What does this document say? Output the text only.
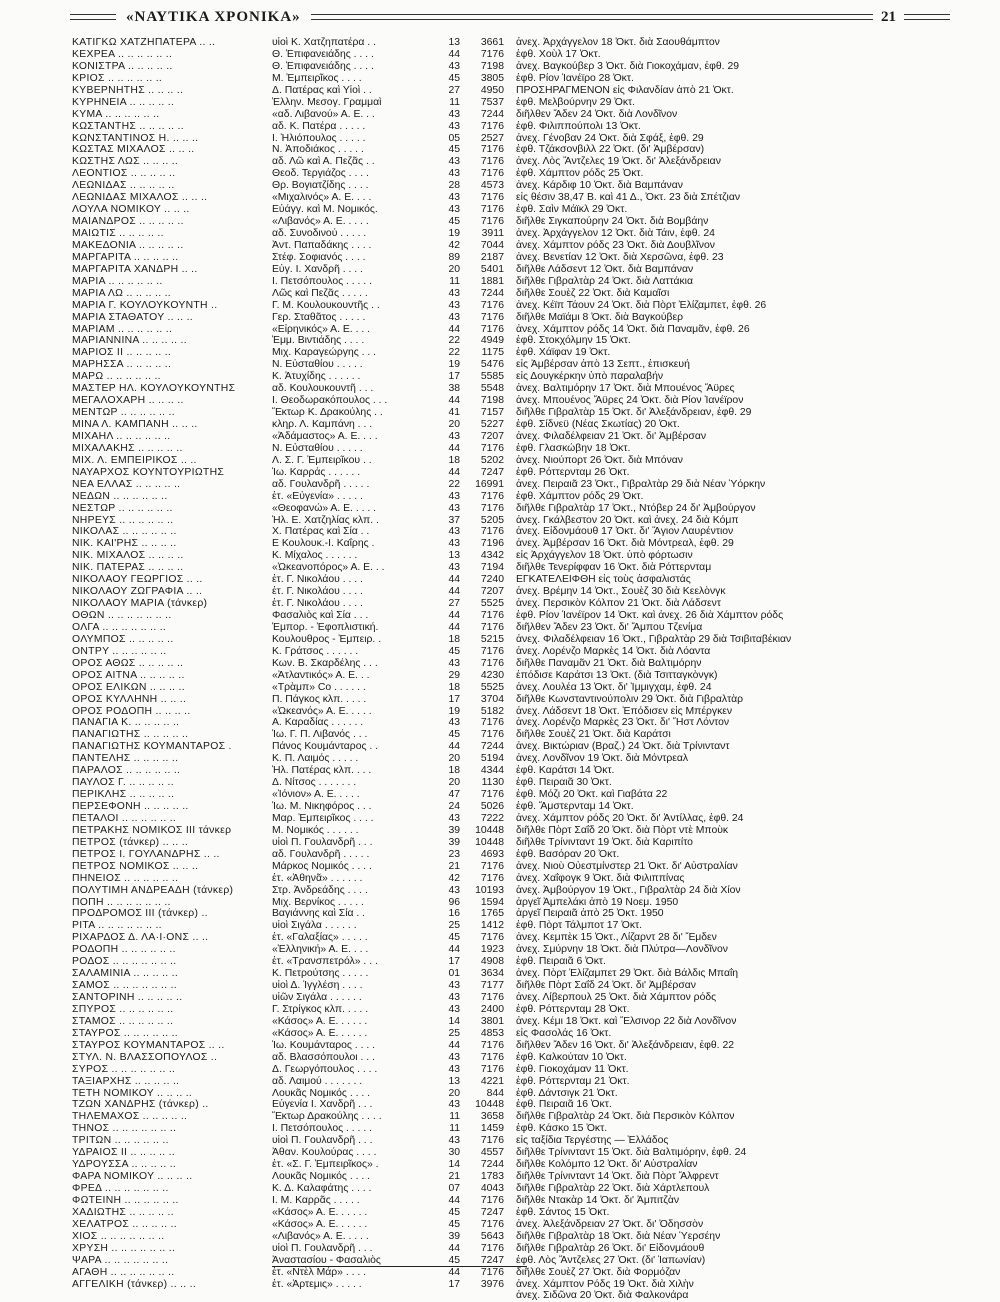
«ΝΑΥΤΙΚΑ ΧΡΟΝΙΚΑ»	21
ΚΑΤΙΓΚΩ ΧΑΤΖΗΠΑΤΕΡΑ .. ..	υἱοὶ Κ. Χατζηπατέρα . .	13	3661	ἀνεχ. Ἀρχάγγελον 18 Ὀκτ. διὰ Σαουθάμπτον
ΚΕΧΡΕΑ .. .. .. .. .. ..	Θ. Ἐπιφανειάδης . . . .	44	7176	ἐφθ. Χοὺλ 17 Ὀκτ.
ΚΟΝΙΣΤΡΑ .. .. .. .. ..	Θ. Ἐπιφανειάδης . . . .	43	7198	ἀνεχ. Βαγκούβερ 3 Ὀκτ. διὰ Γιοκοχάμαν, ἐφθ. 29
ΚΡΙΟΣ .. .. .. .. .. ..	Μ. Ἐμπειρῖκος . . . .	45	3805	ἐφθ. Ρίον Ἰανέϊρο 28 Ὀκτ.
ΚΥΒΕΡΝΗΤΗΣ .. .. .. ..	Δ. Πατέρας καὶ Υἱοὶ . .	27	4950	ΠΡΟΣΗΡΑΓΜΕΝΟΝ εἰς Φιλανδίαν ἀπὸ 21 Ὀκτ.
ΚΥΡΗΝΕΙΑ .. .. .. .. ..	Ἑλλην. Μεσογ. Γραμμαὶ	11	7537	ἐφθ. Μελβούρνην 29 Ὀκτ.
ΚΥΜΑ .. .. .. .. .. ..	«αδ. Λιβανού» Α. Ε. . .	43	7244	διῆλθεν Ἄδεν 24 Ὀκτ. διὰ Λονδῖνον
ΚΩΣΤΑΝΤΗΣ .. .. .. .. ..	αδ. Κ. Πατέρα . . . . .	43	7176	ἐφθ. Φιλιππούπολι 13 Ὀκτ.
ΚΩΝΣΤΑΝΤΙΝΟΣ Η. .. .. ..	Ι. Ἠλιόπουλος . . . . .	05	2527	ἀνεχ. Γένοβαν 24 Ὀκτ. διὰ Σφάξ, ἐφθ. 29
ΚΩΣΤΑΣ ΜΙΧΑΛΟΣ .. .. ..	Ν. Ἀποδιάκος . . . . .	45	7176	ἐφθ. Τζάκσονβιλλ 22 Ὀκτ. (δι' Ἀμβέρσαν)
ΚΩΣΤΗΣ ΛΩΣ .. .. .. ..	αδ. Λῶ καὶ Α. Πεζᾶς . .	43	7176	ἀνεχ. Λὸς Ἄντζελες 19 Ὀκτ. δι' Ἀλεξάνδρειαν
ΛΕΟΝΤΙΟΣ .. .. .. .. ..	Θεοδ. Τεργιάζος . . . .	43	7176	ἐφθ. Χάμπτον ρόδς 25 Ὀκτ.
ΛΕΩΝΙΔΑΣ .. .. .. .. ..	Θρ. Βογιατζίδης . . . .	28	4573	ἀνεχ. Κάρδιφ 10 Ὀκτ. διὰ Βαμπάναν
ΛΕΩΝΙΔΑΣ ΜΙΧΑΛΟΣ .. .. ..	«Μιχαλινός» Α. Ε. . . .	43	7176	εἰς θέσιν 38,47 Β. καὶ 41 Δ., Ὀκτ. 23 διὰ Σπέτζιαν
ΛΟΥΛΑ ΝΟΜΙΚΟΥ .. .. ..	Εὐάγγ. καὶ Μ. Νομικός.	43	7176	ἐφθ. Σαὶν Μάϊκλ 29 Ὀκτ.
ΜΑΙΑΝΔΡΟΣ .. .. .. .. ..	«Λιβανός» Α. Ε. . . . .	45	7176	διῆλθε Σιγκαπούρην 24 Ὀκτ. διὰ Βομβάην
ΜΑΙΩΤΙΣ .. .. .. .. ..	αδ. Συνοδινού . . . . .	19	3911	ἀνεχ. Ἀρχάγγελον 12 Ὀκτ. διὰ Τάιν, ἐφθ. 24
ΜΑΚΕΔΟΝΙΑ .. .. .. .. ..	Ἀντ. Παπαδάκης . . . .	42	7044	ἀνεχ. Χάμπτον ρόδς 23 Ὀκτ. διὰ Δουβλῖνον
ΜΑΡΓΑΡΙΤΑ .. .. .. .. ..	Στέφ. Σοφιανός . . . .	89	2187	ἀνεχ. Βενετίαν 12 Ὀκτ. διὰ Χερσῶνα, ἐφθ. 23
ΜΑΡΓΑΡΙΤΑ ΧΑΝΔΡΗ .. ..	Εὐγ. Ι. Χανδρῆ . . . .	20	5401	διῆλθε Λάδσεντ 12 Ὀκτ. διὰ Βαμπάναν
ΜΑΡΙΑ .. .. .. .. .. ..	Ι. Πετσόπουλος . . . . .	11	1881	διῆλθε Γιβραλτὰρ 24 Ὀκτ. διὰ Λαττάκια
ΜΑΡΙΑ ΛΩ .. .. .. .. ..	Λῶς καὶ Πεζᾶς . . . . .	43	7244	διῆλθε Σουὲζ 22 Ὀκτ. διὰ Καμαῖσι
ΜΑΡΙΑ Γ. ΚΟΥΛΟΥΚΟΥΝΤΗ ..	Γ. Μ. Κουλουκουντῆς . .	43	7176	ἀνεχ. Κέϊπ Τάουν 24 Ὀκτ. διὰ Πὸρτ Ἐλίζαμπετ, ἐφθ. 26
ΜΑΡΙΑ ΣΤΑΘΑΤΟΥ .. .. ..	Γερ. Σταθᾶτος . . . . .	43	7176	διῆλθε Μαϊάμι 8 Ὀκτ. διὰ Βαγκούβερ
ΜΑΡΙΑΜ .. .. .. .. .. ..	«Εἰρηνικός» Α. Ε. . . .	44	7176	ἀνεχ. Χάμπτον ρόδς 14 Ὀκτ. διὰ Παναμᾶν, ἐφθ. 26
ΜΑΡΙΑΝΝΙΝΑ .. .. .. .. ..	Ἐμμ. Βιντιάδης . . . .	22	4949	ἐφθ. Στοκχόλμην 15 Ὀκτ.
ΜΑΡΙΟΣ ΙΙ .. .. .. .. ..	Μιχ. Καραγεώργης . . .	22	1175	ἐφθ. Χάϊφαν 19 Ὀκτ.
ΜΑΡΗΣΣΑ .. .. .. .. ..	Ν. Εὐσταθίου . . . . .	19	5476	εἰς Ἀμβέρσαν ἀπὸ 13 Σεπτ., ἐπισκευή
ΜΑΡΩ .. .. .. .. .. ..	Κ. Ἀτυχίδης . . . . . .	17	5585	εἰς Δουγκέρκην ὑπὸ παραλαβήν
ΜΑΣΤΕΡ ΗΛ. ΚΟΥΛΟΥΚΟΥΝΤΗΣ	αδ. Κουλουκουντῆ . . .	38	5548	ἀνεχ. Βαλτιμόρην 17 Ὀκτ. διὰ Μπουένος Ἄϋρες
ΜΕΓΑΛΟΧΑΡΗ .. .. .. ..	Ι. Θεοδωρακόπουλος . . .	44	7198	ἀνεχ. Μπουένος Ἄϋρες 24 Ὀκτ. διὰ Ρίον Ἰανέϊρον
ΜΕΝΤΩΡ .. .. .. .. .. ..	Ἕκτωρ Κ. Δρακούλης . .	41	7157	διῆλθε Γιβραλτὰρ 15 Ὀκτ. δι' Ἀλεξάνδρειαν, ἐφθ. 29
ΜΙΝΑ Λ. ΚΑΜΠΑΝΗ .. .. ..	κληρ. Λ. Καμπάνη . . .	20	5227	ἐφθ. Σίδνεϋ (Νέας Σκωτίας) 20 Ὀκτ.
ΜΙΧΑΗΛ .. .. .. .. .. ..	«Ἀδάμαστος» Α. Ε. . . .	43	7207	ἀνεχ. Φιλαδέλφειαν 21 Ὀκτ. δι' Ἀμβέρσαν
ΜΙΧΑΛΑΚΗΣ .. .. .. .. ..	Ν. Εὐσταθίου . . . . .	44	7176	ἐφθ. Γλασκώβην 18 Ὀκτ.
ΜΙΧ. Λ. ΕΜΠΕΙΡΙΚΟΣ .. ..	Λ. Σ. Γ. Ἐμπειρῖκου . .	18	5202	ἀνεχ. Νιούπορτ 26 Ὀκτ. διὰ Μπόναν
ΝΑΥΑΡΧΟΣ ΚΟΥΝΤΟΥΡΙΩΤΗΣ	Ἰω. Καρράς . . . . . .	44	7247	ἐφθ. Ρόττερνταμ 26 Ὀκτ.
ΝΕΑ ΕΛΛΑΣ .. .. .. .. ..	αδ. Γουλανδρῆ . . . . .	22	16991	ἀνεχ. Πειραιᾶ 23 Ὀκτ., Γιβραλτὰρ 29 διὰ Νέαν Ὑόρκην
ΝΕΔΩΝ .. .. .. .. .. ..	ἑτ. «Εὐγενία» . . . . .	43	7176	ἐφθ. Χάμπτον ρόδς 29 Ὀκτ.
ΝΕΣΤΩΡ .. .. .. .. .. ..	«Θεοφανώ» Α. Ε. . . . .	43	7176	διῆλθε Γιβραλτὰρ 17 Ὀκτ., Ντόβερ 24 δι' Ἀμβούργον
ΝΗΡΕΥΣ .. .. .. .. .. ..	Ἠλ. Ε. Χατζηλίας κλπ. .	37	5205	ἀνεχ. Γκάλβεστον 20 Ὀκτ. καὶ ἀνεχ. 24 διὰ Κόμπ
ΝΙΚΟΛΑΣ .. .. .. .. .. ..	Χ. Πατέρας καὶ Σία . .	43	7176	ἀνεχ. Εἰδονμάουθ 17 Ὀκτ. δι' Ἅγιον Λαυρέντιον
ΝΙΚ. ΚΑΙ'ΡΗΣ .. .. .. ..	Ε Κουλουκ.-Ι. Καΐρης .	43	7196	ἀνεχ. Ἀμβέρσαν 16 Ὀκτ. διὰ Μόντρεαλ, ἐφθ. 29
ΝΙΚ. ΜΙΧΑΛΟΣ .. .. .. ..	Κ. Μίχαλος . . . . . .	13	4342	εἰς Ἀρχάγγελον 18 Ὀκτ. ὑπὸ φόρτωσιν
ΝΙΚ. ΠΑΤΕΡΑΣ .. .. .. ..	«Ὠκεανοπόρος» Α. Ε. . .	43	7194	διῆλθε Τενερίφφαν 16 Ὀκτ. διὰ Ρόττερνταμ
ΝΙΚΟΛΑΟΥ ΓΕΩΡΓΙΟΣ .. ..	ἑτ. Γ. Νικολάου . . . .	44	7240	ΕΓΚΑΤΕΛΕΙΦΘΗ εἰς τοὺς ἀσφαλιστάς
ΝΙΚΟΛΑΟΥ ΖΩΓΡΑΦΙΑ .. ..	ἑτ. Γ. Νικολάου . . . .	44	7207	ἀνεχ. Βρέμην 14 Ὀκτ., Σουὲζ 30 διὰ Κεελὸνγκ
ΝΙΚΟΛΑΟΥ ΜΑΡΙΑ (τάνκερ)	ἑτ. Γ. Νικολάου . . . .	27	5525	ἀνεχ. Περσικὸν Κόλπον 21 Ὀκτ. διὰ Λάδσεντ
ΟΘΩΝ .. .. .. .. .. .. ..	Φασαλιὸς καὶ Σία . . .	44	7176	ἐφθ. Ρίον Ἰανέϊρον 14 Ὀκτ. καὶ ἀνεχ. 26 διὰ Χάμπτον ρόδς
ΟΛΓΑ .. .. .. .. .. .. ..	Ἐμπορ. - Ἐφοπλιστική.	44	7176	διῆλθεν Ἄδεν 23 Ὀκτ. δι' Ἄμπου Τζενίμα
ΟΛΥΜΠΟΣ .. .. .. .. ..	Κουλουθρος - Ἐμπειρ. .	18	5215	ἀνεχ. Φιλαδέλφειαν 16 Ὀκτ., Γιβραλτὰρ 29 διὰ Τσιβιταβέκιαν
ΟΝΤΡΥ .. .. .. .. .. ..	Κ. Γράτσος . . . . . .	45	7176	ἀνεχ. Λορένζο Μαρκὲς 14 Ὀκτ. διὰ Λόαντα
ΟΡΟΣ ΑΘΩΣ .. .. .. .. ..	Κων. Β. Σκαρδέλης . . .	43	7176	διῆλθε Παναμᾶν 21 Ὀκτ. διὰ Βαλτιμόρην
ΟΡΟΣ ΑΙΤΝΑ .. .. .. .. ..	«Ἀτλαντικός» Α. Ε. . .	29	4230	ἐπόδισε Καράτσι 13 Ὀκτ. (διὰ Τσιτταγκὸνγκ)
ΟΡΟΣ ΕΛΙΚΩΝ .. .. .. ..	«Τρὰμπ» Co . . . . . .	18	5525	ἀνεχ. Λουλέα 13 Ὀκτ. δι' Ἰμμιγχαμ, ἐφθ. 24
ΟΡΟΣ ΚΥΛΛΗΝΗ .. .. ..	Π. Πάγκος κλπ. . . . .	17	3704	διῆλθε Κωνσταντινούπολιν 29 Ὀκτ. διὰ Γιβραλτὰρ
ΟΡΟΣ ΡΟΔΟΠΗ .. .. .. ..	«Ὠκεανός» Α. Ε. . . . .	19	5182	ἀνεχ. Λάδσεντ 18 Ὀκτ. Ἐπόδισεν εἰς Μπέργκεν
ΠΑΝΑΓΙΑ Κ. .. .. .. .. ..	Α. Καραδίας . . . . . .	43	7176	ἀνεχ. Λορένζο Μαρκὲς 23 Ὀκτ. δι' Ἤστ Λόντον
ΠΑΝΑΓΙΩΤΗΣ .. .. .. .. ..	Ἰω. Γ. Π. Λιβανός . . .	45	7176	διῆλθε Σουὲζ 21 Ὀκτ. διὰ Καράτσι
ΠΑΝΑΓΙΩΤΗΣ ΚΟΥΜΑΝΤΑΡΟΣ .	Πάνος Κουμάνταρος . .	44	7244	ἀνεχ. Βικτώριαν (Βραζ.) 24 Ὀκτ. διὰ Τρίνινταντ
ΠΑΝΤΕΛΗΣ .. .. .. .. ..	Κ. Π. Λαιμός . . . . .	20	5194	ἀνεχ. Λονδῖνον 19 Ὀκτ. διὰ Μόντρεαλ
ΠΑΡΑΛΟΣ .. .. .. .. .. ..	Ἠλ. Πατέρας κλπ. . . .	18	4344	ἐφθ. Καράτσι 14 Ὀκτ.
ΠΑΥΛΟΣ Γ. .. .. .. .. ..	Δ. Νίτσος . . . . . . .	20	1130	ἐφθ. Πειραιᾶ 30 Ὀκτ.
ΠΕΡΙΚΛΗΣ .. .. .. .. ..	«Ἰόνιον» Α. Ε. . . . .	47	7176	ἐφθ. Μόζι 20 Ὀκτ. καὶ Γιαβάτα 22
ΠΕΡΣΕΦΟΝΗ .. .. .. .. ..	Ἰω. Μ. Νικηφόρος . . .	24	5026	ἐφθ. Ἄμστερνταμ 14 Ὀκτ.
ΠΕΤΑΛΟΙ .. .. .. .. .. ..	Μαρ. Ἐμπειρῖκος . . . .	43	7222	ἀνεχ. Χάμπτον ρόδς 20 Ὀκτ. δι' Ἀντίλλας, ἐφθ. 24
ΠΕΤΡΑΚΗΣ ΝΟΜΙΚΟΣ ΙΙΙ τάνκερ	Μ. Νομικός . . . . . .	39	10448	διῆλθε Πὸρτ Σαΐδ 20 Ὀκτ. διὰ Πὸρτ ντὲ Μποὺκ
ΠΕΤΡΟΣ (τάνκερ) .. .. ..	υἱοὶ Π. Γουλανδρῆ . . .	39	10448	διῆλθε Τρίνινταντ 19 Ὀκτ. διὰ Καριπίτο
ΠΕΤΡΟΣ Ι. ΓΟΥΛΑΝΔΡΗΣ .. ..	αδ. Γουλανδρῆ . . . . .	23	4693	ἐφθ. Βασόραν 20 Ὀκτ.
ΠΕΤΡΟΣ ΝΟΜΙΚΟΣ .. .. ..	Μάρκος Νομικός . . . .	21	7176	ἀνεχ. Νιοὺ Οὐεστμίνστερ 21 Ὀκτ. δι' Αὐστραλίαν
ΠΗΝΕΙΟΣ .. .. .. .. .. ..	ἑτ. «Ἀθηνᾶ» . . . . . .	42	7176	ἀνεχ. Χαΐφογκ 9 Ὀκτ. διὰ Φιλιππίνας
ΠΟΛΥΤΙΜΗ ΑΝΔΡΕΑΔΗ (τάνκερ)	Στρ. Ἀνδρεάδης . . . .	43	10193	ἀνεχ. Ἀμβούργον 19 Ὀκτ., Γιβραλτὰρ 24 διὰ Χίον
ΠΟΠΗ .. .. .. .. .. .. ..	Μιχ. Βερνίκος . . . . .	96	1594	ἀργεῖ Ἀμπελάκι ἀπὸ 19 Νοεμ. 1950
ΠΡΟΔΡΟΜΟΣ ΙΙΙ (τάνκερ) ..	Βαγιάννης καὶ Σία . .	16	1765	ἀργεῖ Πειραιᾶ ἀπὸ 25 Ὀκτ. 1950
ΡΙΤΑ .. .. .. .. .. .. ..	υἱοὶ Σιγάλα . . . . . .	25	1412	ἐφθ. Πὸρτ Τάλμποτ 17 Ὀκτ.
ΡΙΧΑΡΔΟΣ Δ. ΛΑ·Ι·ΟΝΣ .. ..	ἑτ. «Γαλαξίας» . . . . .	45	7176	ἀνεχ. Κεμπὲκ 15 Ὀκτ., Λίζαρντ 28 δι' Ἔμδεν
ΡΟΔΟΠΗ .. .. .. .. .. ..	«Ἑλληνική» Α. Ε. . . .	44	1923	ἀνεχ. Σμύρνην 18 Ὀκτ. διὰ Πλύτρα—Λονδῖνον
ΡΟΔΟΣ .. .. .. .. .. .. ..	ἑτ. «Τρανσπετρόλ» . . .	17	4908	ἐφθ. Πειραιᾶ 6 Ὀκτ.
ΣΑΛΑΜΙΝΙΑ .. .. .. .. ..	Κ. Πετρούτσης . . . . .	01	3634	ἀνεχ. Πὸρτ Ἐλίζαμπετ 29 Ὀκτ. διὰ Βάλδις Μπαΐη
ΣΑΜΟΣ .. .. .. .. .. .. ..	υἱοὶ Δ. Ἰγγλέση . . . .	43	7177	διῆλθε Πὸρτ Σαΐδ 24 Ὀκτ. δι' Ἀμβέρσαν
ΣΑΝΤΟΡΙΝΗ .. .. .. .. ..	υἱῶν Σιγάλα . . . . . .	43	7176	ἀνεχ. Λίβερπουλ 25 Ὀκτ. διὰ Χάμπτον ρόδς
ΣΠΥΡΟΣ .. .. .. .. .. ..	Γ. Στρίγκος κλπ. . . . .	43	2400	ἐφθ. Ρόττερνταμ 28 Ὀκτ.
ΣΤΑΜΟΣ .. .. .. .. .. ..	«Κάσος» Α. Ε. . . . . .	14	3801	ἀνεχ. Κέμι 18 Ὀκτ. καὶ Ἔλσινορ 22 διὰ Λονδῖνον
ΣΤΑΥΡΟΣ .. .. .. .. .. ..	«Κάσος» Α. Ε. . . . . .	25	4853	εἰς Φασολάς 16 Ὀκτ.
ΣΤΑΥΡΟΣ ΚΟΥΜΑΝΤΑΡΟΣ .. ..	Ἰω. Κουμάνταρος . . . .	44	7176	διῆλθεν Ἄδεν 16 Ὀκτ. δι' Ἀλεξάνδρειαν, ἐφθ. 22
ΣΤΥΛ. Ν. ΒΛΑΣΣΟΠΟΥΛΟΣ ..	αδ. Βλασσόπουλοι . . .	43	7176	ἐφθ. Καλκούταν 10 Ὀκτ.
ΣΥΡΟΣ .. .. .. .. .. .. ..	Δ. Γεωργόπουλος . . . .	43	7176	ἐφθ. Γιοκοχάμαν 11 Ὀκτ.
ΤΑΞΙΑΡΧΗΣ .. .. .. .. ..	αδ. Λαιμού . . . . . . .	13	4221	ἐφθ. Ρόττερνταμ 21 Ὀκτ.
ΤΕΤΗ ΝΟΜΙΚΟΥ .. .. .. ..	Λουκᾶς Νομικός . . . .	20	844	ἐφθ. Δάντσιγκ 21 Ὀκτ.
ΤΖΩΝ ΧΑΝΔΡΗΣ (τάνκερ) ..	Εὐγενία Ι. Χανδρῆ . . .	43	10448	ἐφθ. Πειραιᾶ 16 Ὀκτ.
ΤΗΛΕΜΑΧΟΣ .. .. .. .. ..	Ἕκτωρ Δρακούλης . . . .	11	3658	διῆλθε Γιβραλτὰρ 24 Ὀκτ. διὰ Περσικὸν Κόλπον
ΤΗΝΟΣ .. .. .. .. .. .. ..	Ι. Πετσόπουλος . . . . .	11	1459	ἐφθ. Κάσκο 15 Ὀκτ.
ΤΡΙΤΩΝ .. .. .. .. .. ..	υἱοὶ Π. Γουλανδρῆ . . .	43	7176	εἰς ταξίδια Τεργέστης — Ἑλλάδος
ΥΔΡΑΙΟΣ ΙΙ .. .. .. .. ..	Ἀθαν. Κουλούρας . . . .	30	4557	διῆλθε Τρίνινταντ 15 Ὀκτ. διὰ Βαλτιμόρην, ἐφθ. 24
ΥΔΡΟΥΣΣΑ .. .. .. .. ..	ἑτ. «Σ. Γ. Ἐμπειρῖκος» .	14	7244	διῆλθε Κολόμπο 12 Ὀκτ. δι' Αὐστραλίαν
ΦΑΡΑ ΝΟΜΙΚΟΥ .. .. .. ..	Λουκᾶς Νομικός . . . .	21	1783	διῆλθε Τρίνινταντ 14 Ὀκτ. διὰ Πὸρτ Ἄλφρεντ
ΦΡΕΔ .. .. .. .. .. .. ..	Κ. Δ. Καλαφάτης . . . .	07	4043	διῆλθε Γιβραλτὰρ 22 Ὀκτ. διὰ Χάρτλεπουλ
ΦΩΤΕΙΝΗ .. .. .. .. .. ..	Ι. Μ. Καρρᾶς . . . . .	44	7176	διῆλθε Ντακὰρ 14 Ὀκτ. δι' Ἀμπιτζὰν
ΧΑΔΙΩΤΗΣ .. .. .. .. ..	«Κάσος» Α. Ε. . . . . .	45	7247	ἐφθ. Σάντος 15 Ὀκτ.
ΧΕΛΑΤΡΟΣ .. .. .. .. ..	«Κάσος» Α. Ε. . . . . .	45	7176	ἀνεχ. Ἀλεξάνδρειαν 27 Ὀκτ. δι' Ὀδησσὸν
ΧΙΟΣ .. .. .. .. .. .. ..	«Λιβανός» Α. Ε. . . . .	39	5643	διῆλθε Γιβραλτὰρ 18 Ὀκτ. διὰ Νέαν Ὑερσέην
ΧΡΥΣΗ .. .. .. .. .. .. ..	υἱοὶ Π. Γουλανδρῆ . . .	44	7176	διῆλθε Γιβραλτὰρ 26 Ὀκτ. δι' Εἰδονμάουθ
ΨΑΡΑ .. .. .. .. .. .. ..	Ἀναστασίου - Φασαλιὸς	45	7247	ἐφθ. Λὸς Ἄντζελες 27 Ὀκτ. (δι' Ἰαπωνίαν)
ΑΓΑΘΗ .. .. .. .. .. .. ..	ἑτ. «Ντὲλ Μάρ» . . . .	44	7176	διῆλθε Σουὲζ 27 Ὀκτ. διὰ Φορμόζαν
ΑΓΓΕΛΙΚΗ (τάνκερ) .. .. ..	ἑτ. «Ἀρτεμις» . . . . .	17	3976	ἀνεχ. Χάμπτον Ρόδς 19 Ὀκτ. διὰ Χιλὴν
ἀνεχ. Σιδῶνα 20 Ὀκτ. διὰ Φαλκονάρα
